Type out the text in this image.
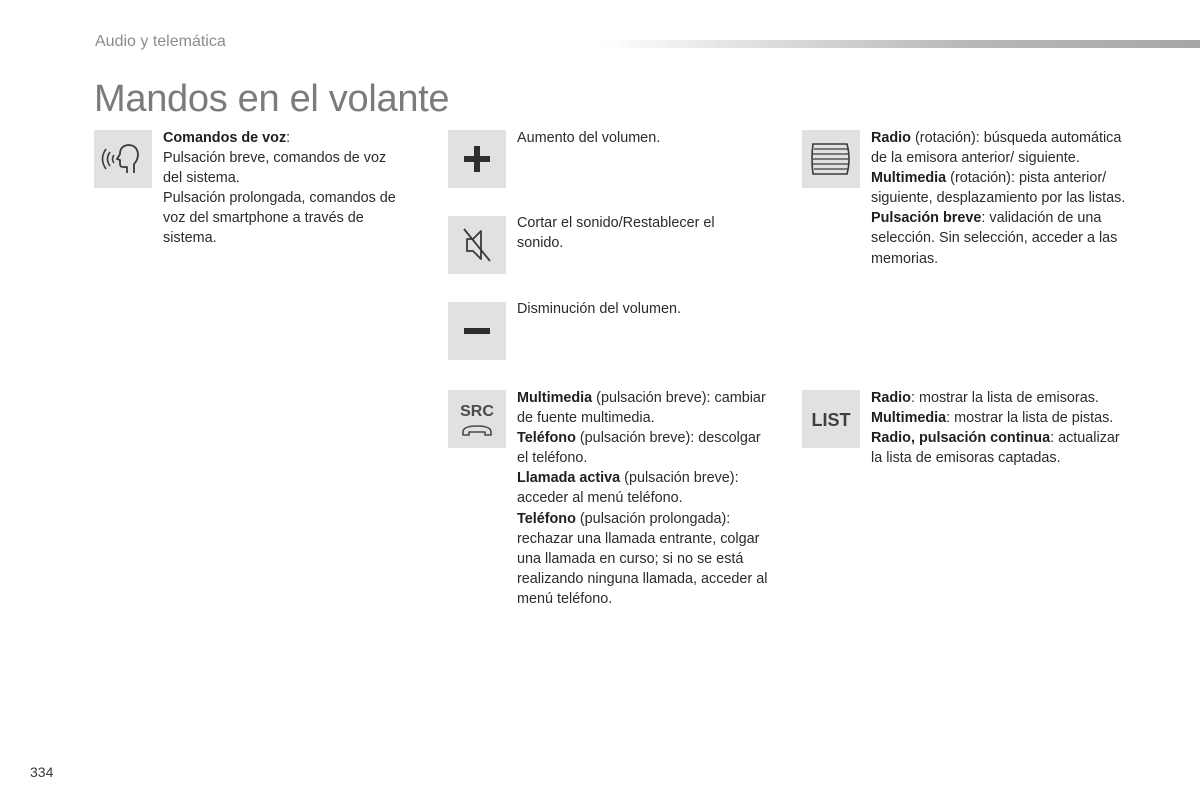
Audio y telemática
Mandos en el volante

Comandos de voz:

Pulsación breve, comandos de voz del sistema.

Pulsación prolongada, comandos de voz del smartphone a través de sistema.

Aumento del volumen.

Cortar el sonido/Restablecer el sonido.

Disminución del volumen.

SRC

Multimedia (pulsación breve): cambiar de fuente multimedia.

Teléfono (pulsación breve): descolgar el teléfono.

Llamada activa (pulsación breve): acceder al menú teléfono.

Teléfono (pulsación prolongada): rechazar una llamada entrante, colgar una llamada en curso; si no se está realizando ninguna llamada, acceder al menú teléfono.

Radio (rotación): búsqueda automática de la emisora anterior/ siguiente.

Multimedia (rotación): pista anterior/ siguiente, desplazamiento por las listas.

Pulsación breve: validación de una selección. Sin selección, acceder a las memorias.

LIST

Radio: mostrar la lista de emisoras.

Multimedia: mostrar la lista de pistas.

Radio, pulsación continua: actualizar la lista de emisoras captadas.

334
